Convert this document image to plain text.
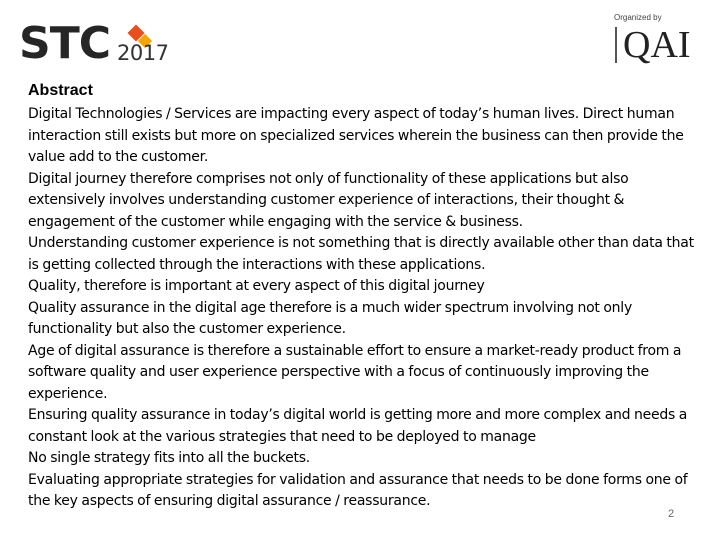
STC 2017
Organized by
QAI
Abstract

Digital Technologies / Services are impacting every aspect of today’s human lives. Direct human interaction still exists but more on specialized services wherein the business can then provide the value add to the customer.

Digital journey therefore comprises not only of functionality of these applications but also extensively involves understanding customer experience of interactions, their thought & engagement of the customer while engaging with the service & business.

Understanding customer experience is not something that is directly available other than data that is getting collected through the interactions with these applications.

Quality, therefore is important at every aspect of this digital journey

Quality assurance in the digital age therefore is a much wider spectrum involving not only functionality but also the customer experience.

Age of digital assurance is therefore a sustainable effort to ensure a market-ready product from a software quality and user experience perspective with a focus of continuously improving the experience.

Ensuring quality assurance in today’s digital world is getting more and more complex and needs a constant look at the various strategies that need to be deployed to manage

No single strategy fits into all the buckets.

Evaluating appropriate strategies for validation and assurance that needs to be done forms one of the key aspects of ensuring digital assurance / reassurance.

2
